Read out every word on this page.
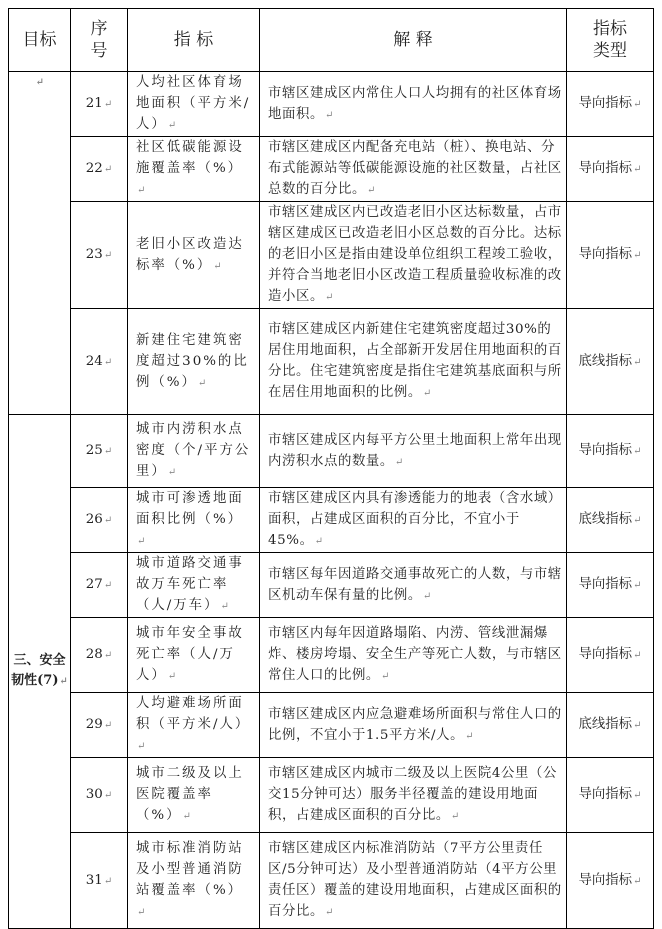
目标	序号	指 标	解 释	指标类型
↵	21↵	人均社区体育场地面积（平方米/人）↵	市辖区建成区内常住人口人均拥有的社区体育场地面积。↵	导向指标↵
	22↵	社区低碳能源设施覆盖率（%）↵	市辖区建成区内配备充电站（桩）、换电站、分布式能源站等低碳能源设施的社区数量，占社区总数的百分比。↵	导向指标↵
	23↵	老旧小区改造达标率（%）↵	市辖区建成区内已改造老旧小区达标数量，占市辖区建成区已改造老旧小区总数的百分比。达标的老旧小区是指由建设单位组织工程竣工验收，并符合当地老旧小区改造工程质量验收标准的改造小区。↵	导向指标↵
	24↵	新建住宅建筑密度超过30%的比例（%）↵	市辖区建成区内新建住宅建筑密度超过30%的居住用地面积，占全部新开发居住用地面积的百分比。住宅建筑密度是指住宅建筑基底面积与所在居住用地面积的比例。↵	底线指标↵
三、安全韧性(7)↵	25↵	城市内涝积水点密度（个/平方公里）↵	市辖区建成区内每平方公里土地面积上常年出现内涝积水点的数量。↵	导向指标↵
	26↵	城市可渗透地面面积比例（%）↵	市辖区建成区内具有渗透能力的地表（含水域）面积，占建成区面积的百分比，不宜小于45%。↵	底线指标↵
	27↵	城市道路交通事故万车死亡率（人/万车）↵	市辖区每年因道路交通事故死亡的人数，与市辖区机动车保有量的比例。↵	导向指标↵
	28↵	城市年安全事故死亡率（人/万人）↵	市辖区内每年因道路塌陷、内涝、管线泄漏爆炸、楼房垮塌、安全生产等死亡人数，与市辖区常住人口的比例。↵	导向指标↵
	29↵	人均避难场所面积（平方米/人）↵	市辖区建成区内应急避难场所面积与常住人口的比例，不宜小于1.5平方米/人。↵	底线指标↵
	30↵	城市二级及以上医院覆盖率（%）↵	市辖区建成区内城市二级及以上医院4公里（公交15分钟可达）服务半径覆盖的建设用地面积，占建成区面积的百分比。↵	导向指标↵
	31↵	城市标准消防站及小型普通消防站覆盖率（%）↵	市辖区建成区内标准消防站（7平方公里责任区/5分钟可达）及小型普通消防站（4平方公里责任区）覆盖的建设用地面积，占建成区面积的百分比。↵	导向指标↵
